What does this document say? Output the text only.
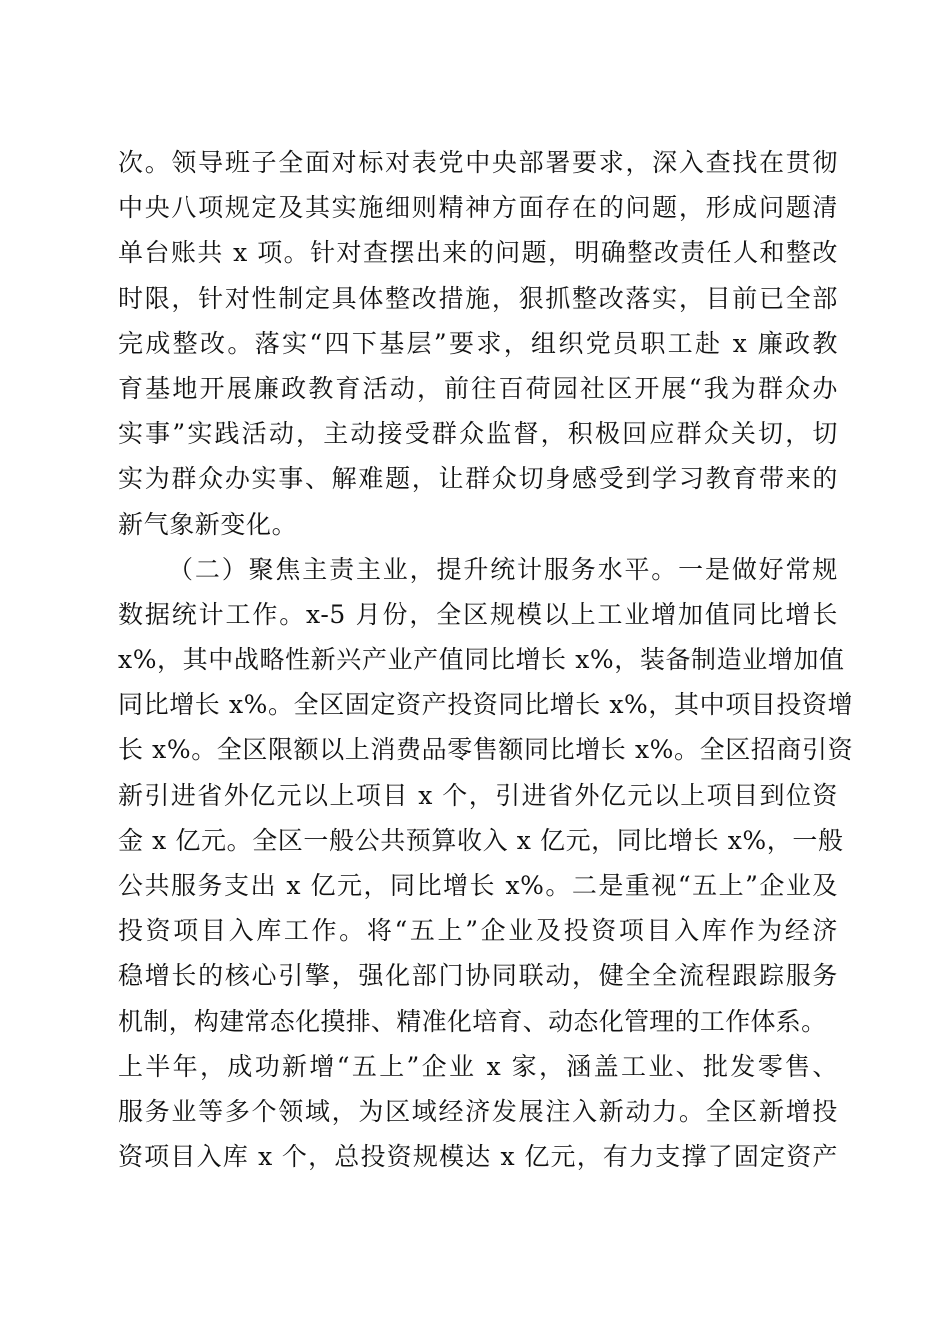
次。领导班子全面对标对表党中央部署要求，深入查找在贯彻
中央八项规定及其实施细则精神方面存在的问题，形成问题清
单台账共 x 项。针对查摆出来的问题，明确整改责任人和整改
时限，针对性制定具体整改措施，狠抓整改落实，目前已全部
完成整改。落实“四下基层”要求，组织党员职工赴 x 廉政教
育基地开展廉政教育活动，前往百荷园社区开展“我为群众办
实事”实践活动，主动接受群众监督，积极回应群众关切，切
实为群众办实事、解难题，让群众切身感受到学习教育带来的
新气象新变化。
（二）聚焦主责主业，提升统计服务水平。一是做好常规
数据统计工作。x-5 月份，全区规模以上工业增加值同比增长
x%，其中战略性新兴产业产值同比增长 x%，装备制造业增加值
同比增长 x%。全区固定资产投资同比增长 x%，其中项目投资增
长 x%。全区限额以上消费品零售额同比增长 x%。全区招商引资
新引进省外亿元以上项目 x 个，引进省外亿元以上项目到位资
金 x 亿元。全区一般公共预算收入 x 亿元，同比增长 x%，一般
公共服务支出 x 亿元，同比增长 x%。二是重视“五上”企业及
投资项目入库工作。将“五上”企业及投资项目入库作为经济
稳增长的核心引擎，强化部门协同联动，健全全流程跟踪服务
机制，构建常态化摸排、精准化培育、动态化管理的工作体系。
上半年，成功新增“五上”企业 x 家，涵盖工业、批发零售、
服务业等多个领域，为区域经济发展注入新动力。全区新增投
资项目入库 x 个，总投资规模达 x 亿元，有力支撑了固定资产
